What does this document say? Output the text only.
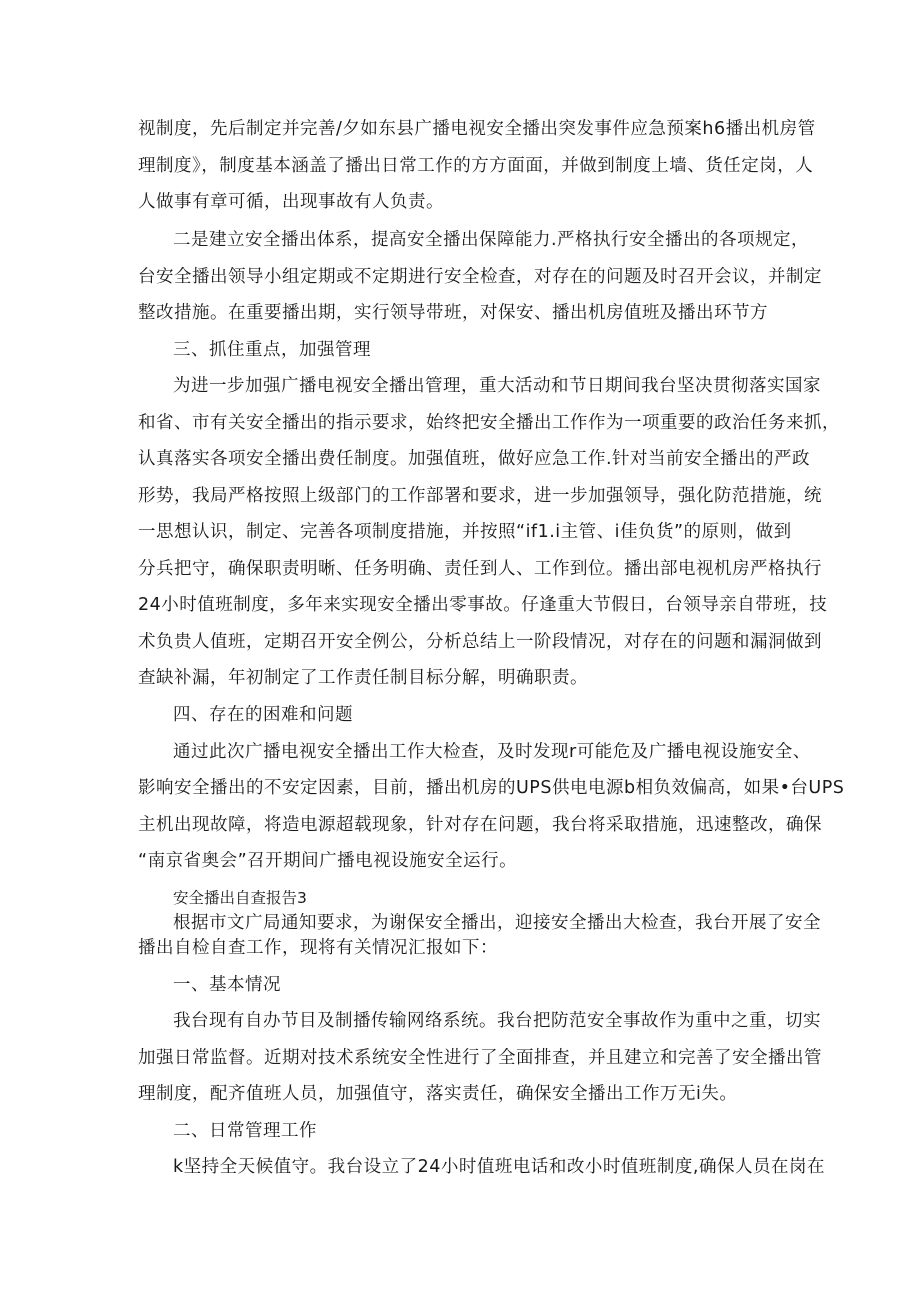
视制度，先后制定并完善/夕如东县广播电视安全播出突发事件应急预案h6播出机房管
理制度》，制度基本涵盖了播出日常工作的方方面面，并做到制度上墙、货任定岗，人
人做事有章可循，出现事故有人负责。
二是建立安全播出体系，提高安全播出保障能力.严格执行安全播出的各项规定，
台安全播出领导小组定期或不定期进行安全检查，对存在的问题及时召开会议，并制定
整改措施。在重要播出期，实行领导带班，对保安、播出机房值班及播出环节方
三、抓住重点，加强管理
为进一步加强广播电视安全播出管理，重大活动和节日期间我台坚决贯彻落实国家
和省、市有关安全播出的指示要求，始终把安全播出工作作为一项重要的政治任务来抓，
认真落实各项安全播出费任制度。加强值班，做好应急工作.针对当前安全播出的严政
形势，我局严格按照上级部门的工作部署和要求，进一步加强领导，强化防范措施，统
一思想认识，制定、完善各项制度措施，并按照“if1.i主管、i佳负货”的原则，做到
分兵把守，确保职责明晰、任务明确、责任到人、工作到位。播出部电视机房严格执行
24小时值班制度，多年来实现安全播出零事故。仔逢重大节假日，台领导亲自带班，技
术负贵人值班，定期召开安全例公，分析总结上一阶段情况，对存在的问题和漏洞做到
查缺补漏，年初制定了工作责任制目标分解，明确职责。
四、存在的困难和问题
通过此次广播电视安全播出工作大检查，及时发现r可能危及广播电视设施安全、
影响安全播出的不安定因素，目前，播出机房的UPS供电电源b相负效偏高，如果•台UPS
主机出现故障，将造电源超载现象，针对存在问题，我台将采取措施，迅速整改，确保
“南京省奥会”召开期间广播电视设施安全运行。
安全播出自查报告3
根据市文广局通知要求，为谢保安全播出，迎接安全播出大检查，我台开展了安全
播出自检自查工作，现将有关情况汇报如下：
一、基本情况
我台现有自办节目及制播传输网络系统。我台把防范安全事故作为重中之重，切实
加强日常监督。近期对技术系统安全性进行了全面排查，并且建立和完善了安全播出管
理制度，配齐值班人员，加强值守，落实责任，确保安全播出工作万无i失。
二、日常管理工作
k坚持全天候值守。我台设立了24小时值班电话和改小时值班制度,确保人员在岗在
